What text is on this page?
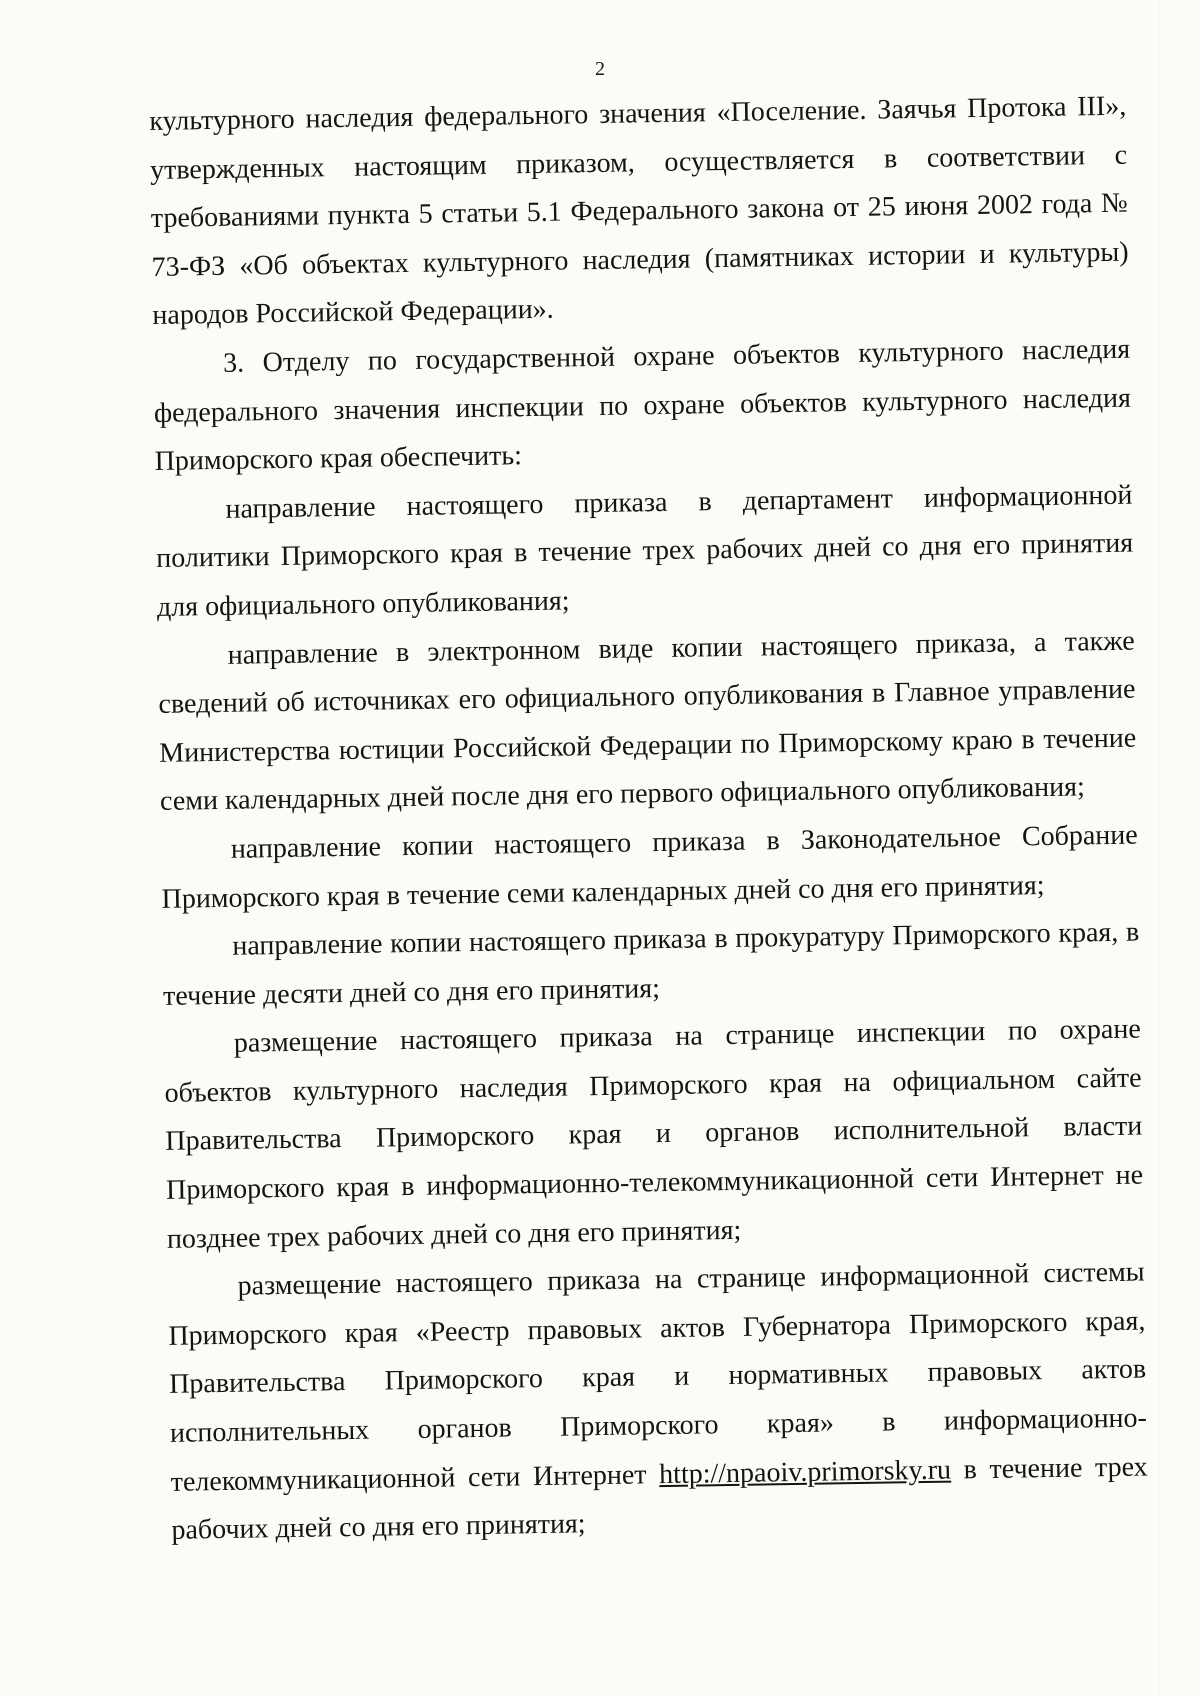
2

культурного наследия федерального значения «Поселение. Заячья Протока III», утвержденных настоящим приказом, осуществляется в соответствии с требованиями пункта 5 статьи 5.1 Федерального закона от 25 июня 2002 года № 73-ФЗ «Об объектах культурного наследия (памятниках истории и культуры) народов Российской Федерации».

3. Отделу по государственной охране объектов культурного наследия федерального значения инспекции по охране объектов культурного наследия Приморского края обеспечить:

направление настоящего приказа в департамент информационной политики Приморского края в течение трех рабочих дней со дня его принятия для официального опубликования;

направление в электронном виде копии настоящего приказа, а также сведений об источниках его официального опубликования в Главное управление Министерства юстиции Российской Федерации по Приморскому краю в течение семи календарных дней после дня его первого официального опубликования;

направление копии настоящего приказа в Законодательное Собрание Приморского края в течение семи календарных дней со дня его принятия;

направление копии настоящего приказа в прокуратуру Приморского края, в течение десяти дней со дня его принятия;

размещение настоящего приказа на странице инспекции по охране объектов культурного наследия Приморского края на официальном сайте Правительства Приморского края и органов исполнительной власти Приморского края в информационно-телекоммуникационной сети Интернет не позднее трех рабочих дней со дня его принятия;

размещение настоящего приказа на странице информационной системы Приморского края «Реестр правовых актов Губернатора Приморского края, Правительства Приморского края и нормативных правовых актов исполнительных органов Приморского края» в информационно-телекоммуникационной сети Интернет http://npaoiv.primorsky.ru в течение трех рабочих дней со дня его принятия;
